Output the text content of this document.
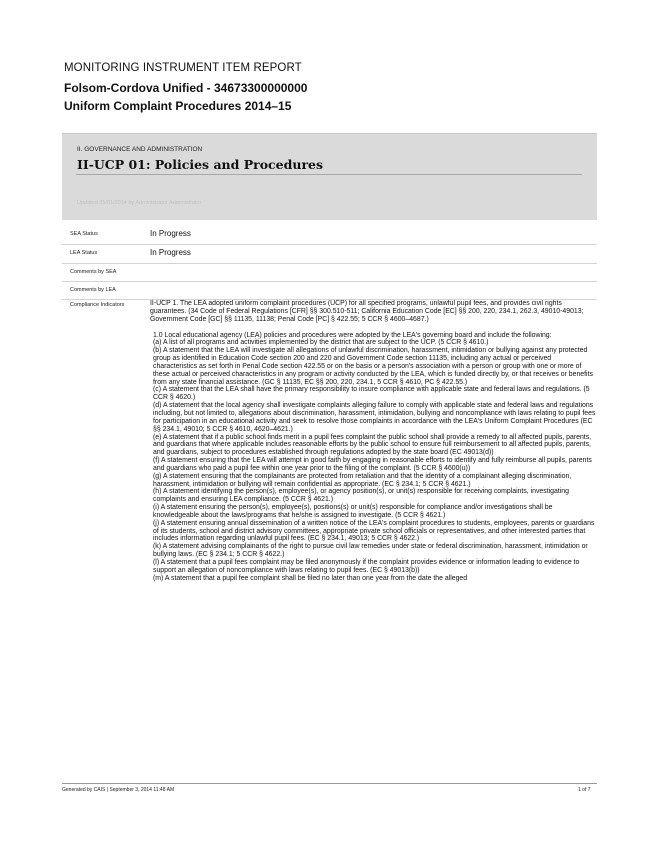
MONITORING INSTRUMENT ITEM REPORT
Folsom-Cordova Unified - 34673300000000
Uniform Complaint Procedures 2014–15
II. GOVERNANCE AND ADMINISTRATION
II-UCP 01: Policies and Procedures
Updated 05/01/2014 by Administrator Administrator
SEA Status	In Progress
LEA Status	In Progress
Comments by SEA
Comments by LEA
Compliance Indicators	II-UCP 1. The LEA adopted uniform complaint procedures (UCP) for all specified programs, unlawful pupil fees, and provides civil rights guarantees. (34 Code of Federal Regulations [CFR] §§ 300.510-511; California Education Code [EC] §§ 200, 220, 234.1, 262.3, 49010-49013; Government Code [GC] §§ 11135, 11138; Penal Code [PC] § 422.55; 5 CCR § 4600–4687.)

1.0 Local educational agency (LEA) policies and procedures were adopted by the LEA's governing board and include the following:

(a) A list of all programs and activities implemented by the district that are subject to the UCP. (5 CCR § 4610.)

(b) A statement that the LEA will investigate all allegations of unlawful discrimination, harassment, intimidation or bullying against any protected group as identified in Education Code section 200 and 220 and Government Code section 11135, including any actual or perceived characteristics as set forth in Penal Code section 422.55 or on the basis or a person's association with a person or group with one or more of these actual or perceived characteristics in any program or activity conducted by the LEA, which is funded directly by, or that receives or benefits from any state financial assistance. (GC § 11135, EC §§ 200, 220, 234.1, 5 CCR § 4610, PC § 422.55.)

(c) A statement that the LEA shall have the primary responsibility to insure compliance with applicable state and federal laws and regulations. (5 CCR § 4620.)

(d) A statement that the local agency shall investigate complaints alleging failure to comply with applicable state and federal laws and regulations including, but not limited to, allegations about discrimination, harassment, intimidation, bullying and noncompliance with laws relating to pupil fees for participation in an educational activity and seek to resolve those complaints in accordance with the LEA's Uniform Complaint Procedures (EC §§ 234.1, 49010; 5 CCR § 4610, 4620–4621.)

(e) A statement that if a public school finds merit in a pupil fees complaint the public school shall provide a remedy to all affected pupils, parents, and guardians that where applicable includes reasonable efforts by the public school to ensure full reimbursement to all affected pupils, parents, and guardians, subject to procedures established through regulations adopted by the state board (EC 49013(d))

(f) A statement ensuring that the LEA will attempt in good faith by engaging in reasonable efforts to identify and fully reimburse all pupils, parents and guardians who paid a pupil fee within one year prior to the filing of the complaint. (5 CCR § 4600(u))

(g) A statement ensuring that the complainants are protected from retaliation and that the identity of a complainant alleging discrimination, harassment, intimidation or bullying will remain confidential as appropriate. (EC § 234.1; 5 CCR § 4621.)

(h) A statement identifying the person(s), employee(s), or agency position(s), or unit(s) responsible for receiving complaints, investigating complaints and ensuring LEA compliance. (5 CCR § 4621.)

(i) A statement ensuring the person(s), employee(s), positions(s) or unit(s) responsible for compliance and/or investigations shall be knowledgeable about the laws/programs that he/she is assigned to investigate. (5 CCR § 4621.)

(j) A statement ensuring annual dissemination of a written notice of the LEA's complaint procedures to students, employees, parents or guardians of its students, school and district advisory committees, appropriate private school officials or representatives, and other interested parties that includes information regarding unlawful pupil fees. (EC § 234.1, 49013; 5 CCR § 4622.)

(k) A statement advising complainants of the right to pursue civil law remedies under state or federal discrimination, harassment, intimidation or bullying laws. (EC § 234.1; 5 CCR § 4622.)

(l) A statement that a pupil fees complaint may be filed anonymously if the complaint provides evidence or information leading to evidence to support an allegation of noncompliance with laws relating to pupil fees. (EC § 49013(b))

(m) A statement that a pupil fee complaint shall be filed no later than one year from the date the alleged

Generated by CAIS | September 3, 2014 11:48 AM	1 of 7
